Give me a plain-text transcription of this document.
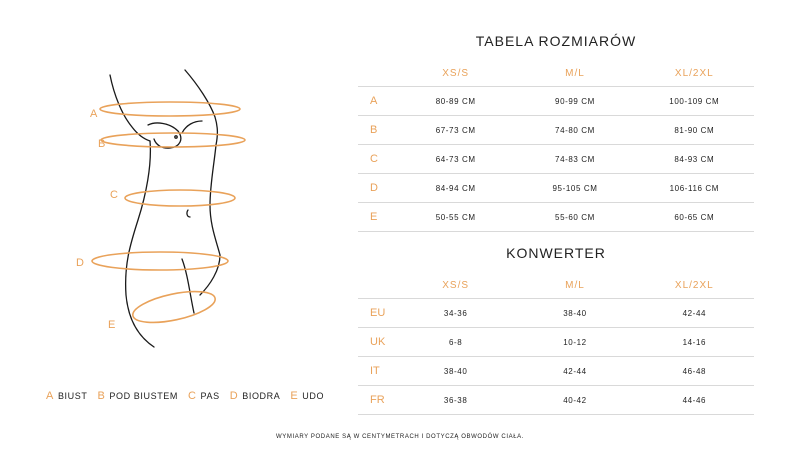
A
B
C
D
E
A BIUST B POD BIUSTEM C PAS D BIODRA E UDO
WYMIARY PODANE SĄ W CENTYMETRACH I DOTYCZĄ OBWODÓW CIAŁA.
TABELA ROZMIARÓW
XS/S	M/L	XL/2XL
A	80-89 CM	90-99 CM	100-109 CM
B	67-73 CM	74-80 CM	81-90 CM
C	64-73 CM	74-83 CM	84-93 CM
D	84-94 CM	95-105 CM	106-116 CM
E	50-55 CM	55-60 CM	60-65 CM
KONWERTER
XS/S	M/L	XL/2XL
EU	34-36	38-40	42-44
UK	6-8	10-12	14-16
IT	38-40	42-44	46-48
FR	36-38	40-42	44-46
